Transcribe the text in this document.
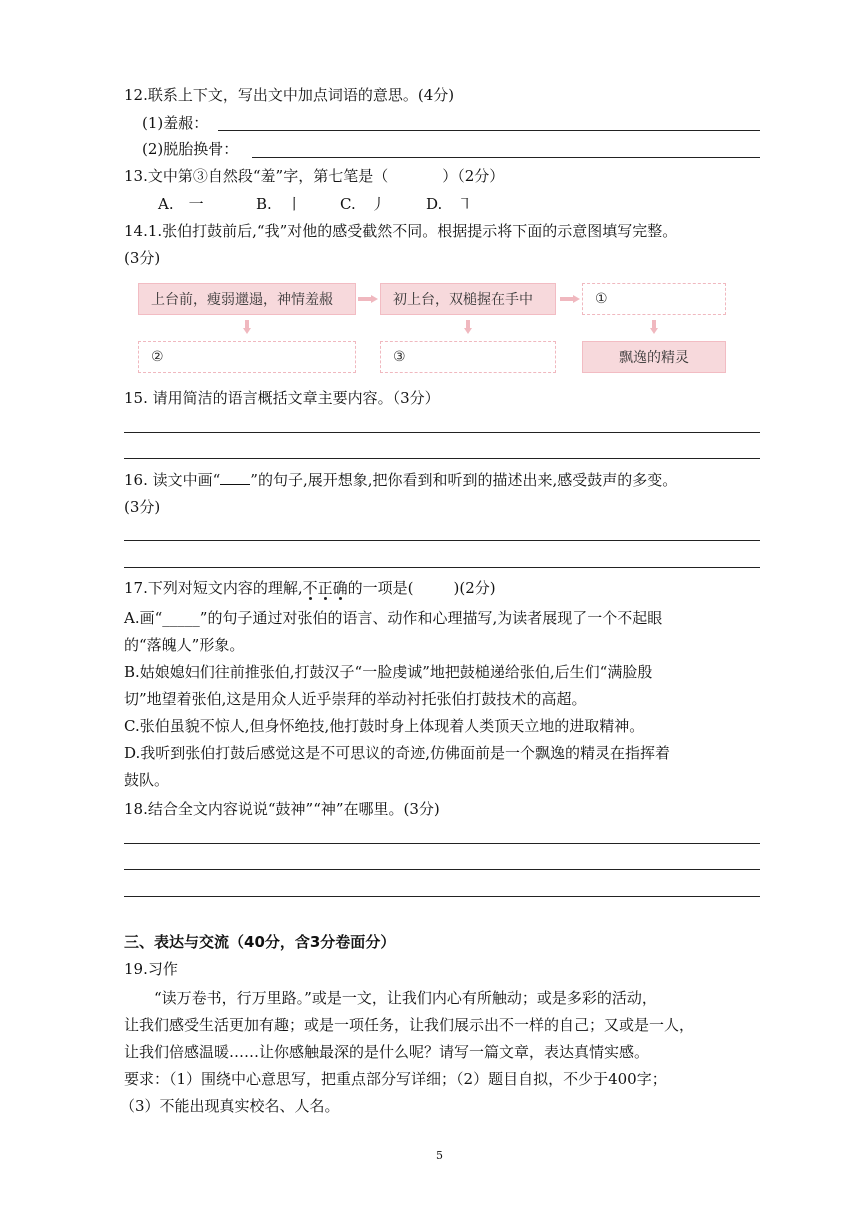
12.联系上下文，写出文中加点词语的意思。(4分)
(1)羞赧：
(2)脱胎换骨：
13.文中第③自然段“羞”字，第七笔是（	）（2分）
A.　一	B.　丨	C.　丿	D.　㇕
14.1.张伯打鼓前后,“我”对他的感受截然不同。根据提示将下面的示意图填写完整。
(3分)
上台前，瘦弱邋遢，神情羞赧	初上台，双槌握在手中	①
②	③	飘逸的精灵
15. 请用简洁的语言概括文章主要内容。（3分）
16. 读文中画“ ”的句子,展开想象,把你看到和听到的描述出来,感受鼓声的多变。
(3分)
17.下列对短文内容的理解,不正确的一项是(	)(2分)
A.画“_____”的句子通过对张伯的语言、动作和心理描写,为读者展现了一个不起眼
的“落魄人”形象。
B.姑娘媳妇们往前推张伯,打鼓汉子“一脸虔诚”地把鼓槌递给张伯,后生们“满脸殷
切”地望着张伯,这是用众人近乎崇拜的举动衬托张伯打鼓技术的高超。
C.张伯虽貌不惊人,但身怀绝技,他打鼓时身上体现着人类顶天立地的进取精神。
D.我听到张伯打鼓后感觉这是不可思议的奇迹,仿佛面前是一个飘逸的精灵在指挥着
鼓队。
18.结合全文内容说说“鼓神”“神”在哪里。(3分)
三、表达与交流（40分，含3分卷面分）
19.习作
“读万卷书，行万里路。”或是一文，让我们内心有所触动；或是多彩的活动，
让我们感受生活更加有趣；或是一项任务，让我们展示出不一样的自己；又或是一人，
让我们倍感温暖……让你感触最深的是什么呢？请写一篇文章，表达真情实感。
要求：（1）围绕中心意思写，把重点部分写详细；（2）题目自拟，不少于400字；
（3）不能出现真实校名、人名。
5
